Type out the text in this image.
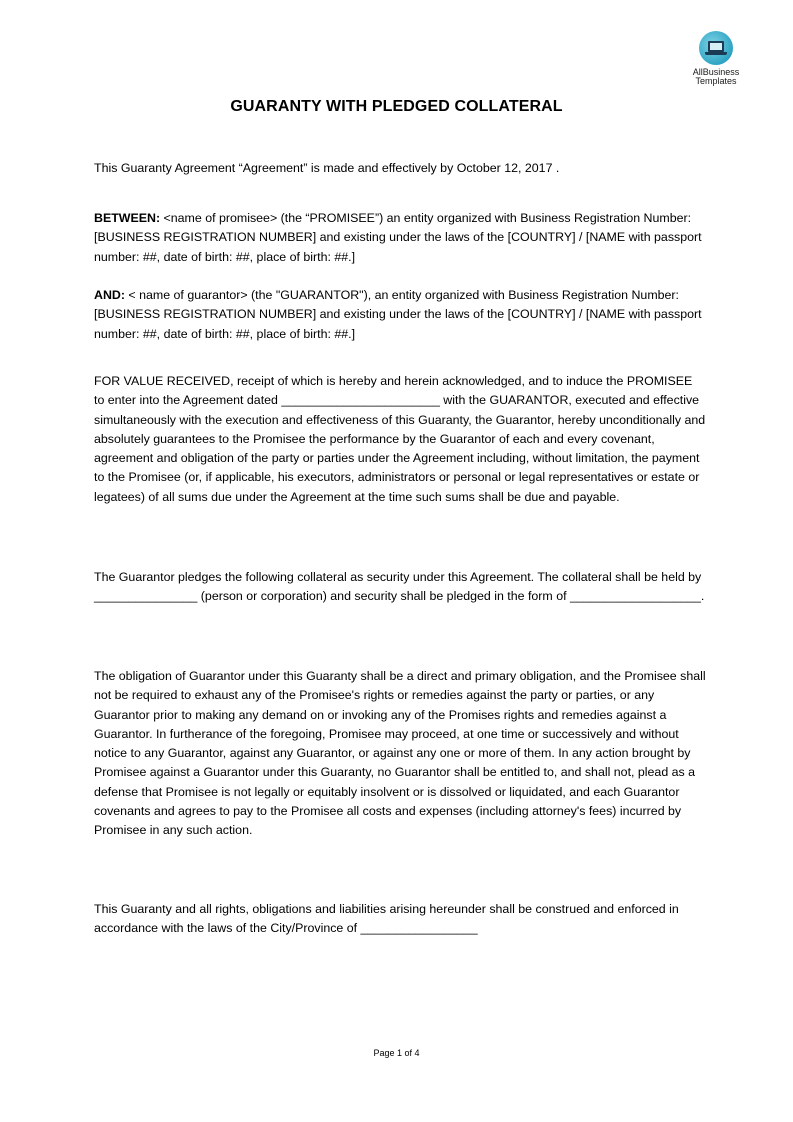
AllBusiness
Templates
GUARANTY WITH PLEDGED COLLATERAL

This Guaranty Agreement “Agreement” is made and effectively by October 12, 2017 .

BETWEEN: <name of promisee> (the “PROMISEE”) an entity organized with Business Registration Number: [BUSINESS REGISTRATION NUMBER] and existing under the laws of the [COUNTRY] / [NAME with passport number: ##, date of birth: ##, place of birth: ##.]

AND: < name of guarantor> (the "GUARANTOR"), an entity organized with Business Registration Number: [BUSINESS REGISTRATION NUMBER] and existing under the laws of the [COUNTRY] / [NAME with passport number: ##, date of birth: ##, place of birth: ##.]

FOR VALUE RECEIVED, receipt of which is hereby and herein acknowledged, and to induce the PROMISEE to enter into the Agreement dated _______________________ with the GUARANTOR, executed and effective simultaneously with the execution and effectiveness of this Guaranty, the Guarantor, hereby unconditionally and absolutely guarantees to the Promisee the performance by the Guarantor of each and every covenant, agreement and obligation of the party or parties under the Agreement including, without limitation, the payment to the Promisee (or, if applicable, his executors, administrators or personal or legal representatives or estate or legatees) of all sums due under the Agreement at the time such sums shall be due and payable.

The Guarantor pledges the following collateral as security under this Agreement. The collateral shall be held by _______________ (person or corporation) and security shall be pledged in the form of ___________________.

The obligation of Guarantor under this Guaranty shall be a direct and primary obligation, and the Promisee shall not be required to exhaust any of the Promisee's rights or remedies against the party or parties, or any Guarantor prior to making any demand on or invoking any of the Promises rights and remedies against a Guarantor. In furtherance of the foregoing, Promisee may proceed, at one time or successively and without notice to any Guarantor, against any Guarantor, or against any one or more of them. In any action brought by Promisee against a Guarantor under this Guaranty, no Guarantor shall be entitled to, and shall not, plead as a defense that Promisee is not legally or equitably insolvent or is dissolved or liquidated, and each Guarantor covenants and agrees to pay to the Promisee all costs and expenses (including attorney's fees) incurred by Promisee in any such action.

This Guaranty and all rights, obligations and liabilities arising hereunder shall be construed and enforced in accordance with the laws of the City/Province of _________________

Page 1 of 4
